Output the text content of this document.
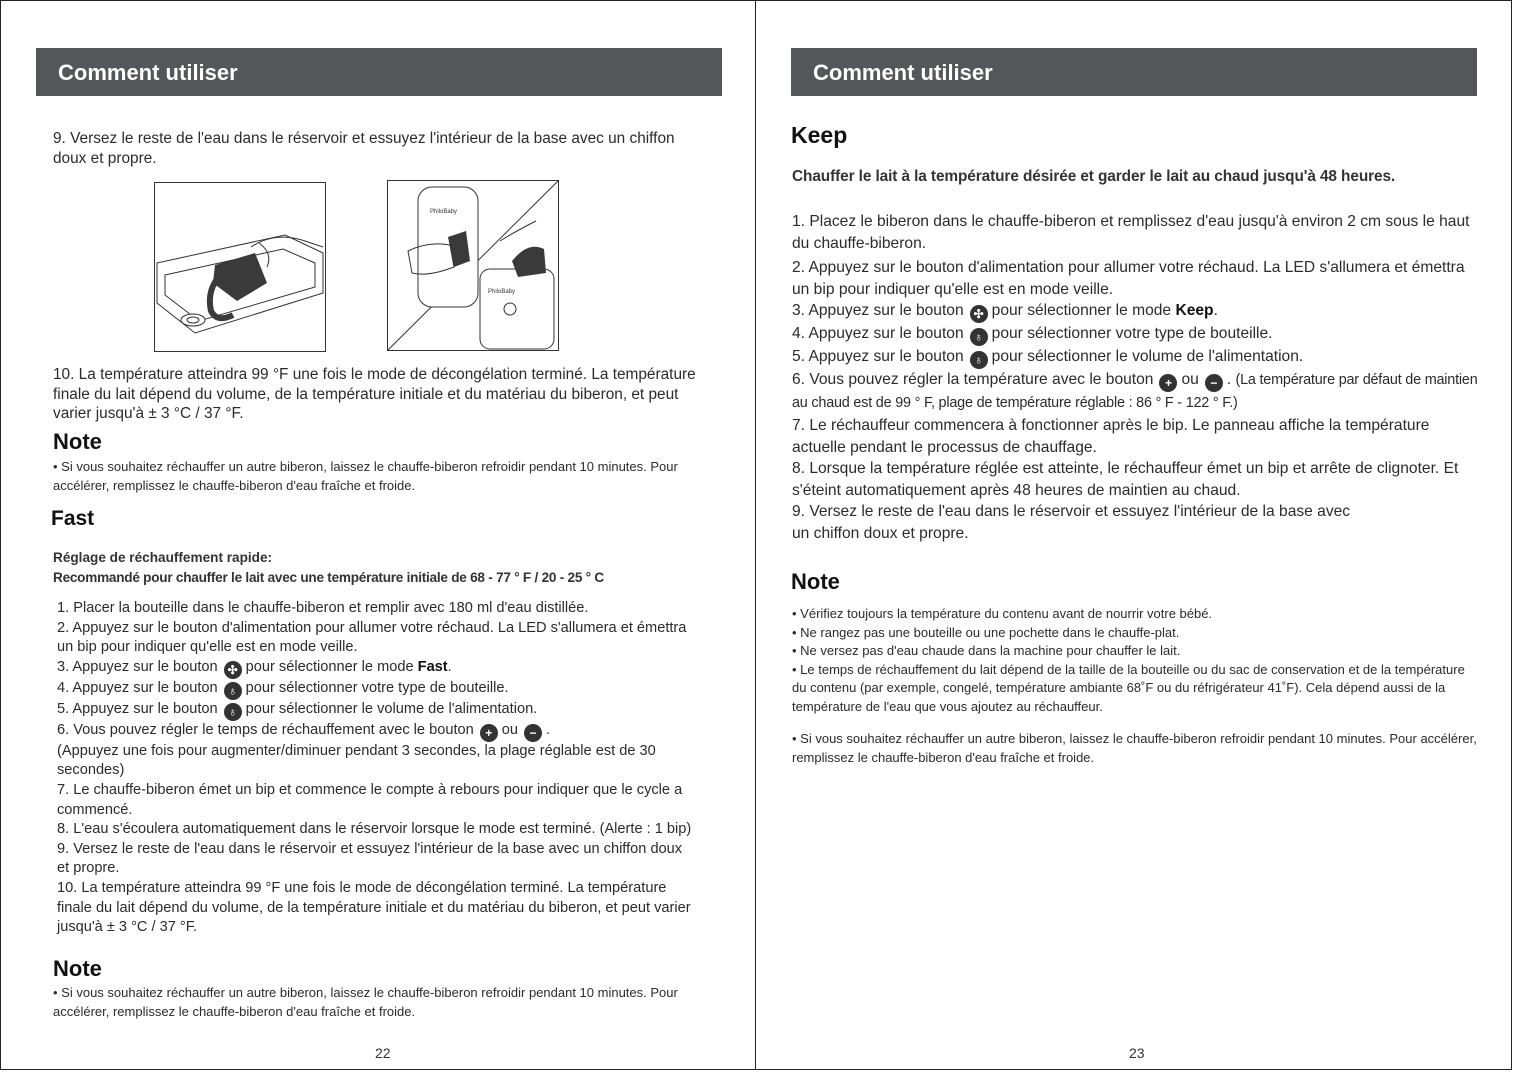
Comment utiliser

9. Versez le reste de l'eau dans le réservoir et essuyez l'intérieur de la base avec un chiffon doux et propre.

PhiloBaby
PhiloBaby

10. La température atteindra 99 °F une fois le mode de décongélation terminé. La température finale du lait dépend du volume, de la température initiale et du matériau du biberon, et peut varier jusqu'à ± 3 °C / 37 °F.

Note

• Si vous souhaitez réchauffer un autre biberon, laissez le chauffe-biberon refroidir pendant 10 minutes. Pour accélérer, remplissez le chauffe-biberon d'eau fraîche et froide.

Fast

Réglage de réchauffement rapide:

Recommandé pour chauffer le lait avec une température initiale de 68 - 77 ° F / 20 - 25 ° C

1. Placer la bouteille dans le chauffe-biberon et remplir avec 180 ml d'eau distillée.
2. Appuyez sur le bouton d'alimentation pour allumer votre réchaud. La LED s'allumera et émettra un bip pour indiquer qu'elle est en mode veille.
3. Appuyez sur le bouton ✣ pour sélectionner le mode Fast.
4. Appuyez sur le bouton ♁ pour sélectionner votre type de bouteille.
5. Appuyez sur le bouton ♁ pour sélectionner le volume de l'alimentation.
6. Vous pouvez régler le temps de réchauffement avec le bouton + ou − .
(Appuyez une fois pour augmenter/diminuer pendant 3 secondes, la plage réglable est de 30 secondes)
7. Le chauffe-biberon émet un bip et commence le compte à rebours pour indiquer que le cycle a commencé.
8. L'eau s'écoulera automatiquement dans le réservoir lorsque le mode est terminé. (Alerte : 1 bip)
9. Versez le reste de l'eau dans le réservoir et essuyez l'intérieur de la base avec un chiffon doux et propre.
10. La température atteindra 99 °F une fois le mode de décongélation terminé. La température finale du lait dépend du volume, de la température initiale et du matériau du biberon, et peut varier jusqu'à ± 3 °C / 37 °F.
Note

• Si vous souhaitez réchauffer un autre biberon, laissez le chauffe-biberon refroidir pendant 10 minutes. Pour accélérer, remplissez le chauffe-biberon d'eau fraîche et froide.

22
Comment utiliser
Keep

Chauffer le lait à la température désirée et garder le lait au chaud jusqu'à 48 heures.

1. Placez le biberon dans le chauffe-biberon et remplissez d'eau jusqu'à environ 2 cm sous le haut du chauffe-biberon.
2. Appuyez sur le bouton d'alimentation pour allumer votre réchaud. La LED s'allumera et émettra un bip pour indiquer qu'elle est en mode veille.
3. Appuyez sur le bouton ✣ pour sélectionner le mode Keep.
4. Appuyez sur le bouton ♁ pour sélectionner votre type de bouteille.
5. Appuyez sur le bouton ♁ pour sélectionner le volume de l'alimentation.
6. Vous pouvez régler la température avec le bouton + ou − . (La température par défaut de maintien au chaud est de 99 ° F, plage de température réglable : 86 ° F - 122 ° F.)
7. Le réchauffeur commencera à fonctionner après le bip. Le panneau affiche la température actuelle pendant le processus de chauffage.
8. Lorsque la température réglée est atteinte, le réchauffeur émet un bip et arrête de clignoter. Et s'éteint automatiquement après 48 heures de maintien au chaud.
9. Versez le reste de l'eau dans le réservoir et essuyez l'intérieur de la base avec un chiffon doux et propre.
Note
• Vérifiez toujours la température du contenu avant de nourrir votre bébé.
• Ne rangez pas une bouteille ou une pochette dans le chauffe-plat.
• Ne versez pas d'eau chaude dans la machine pour chauffer le lait.
• Le temps de réchauffement du lait dépend de la taille de la bouteille ou du sac de conservation et de la température du contenu (par exemple, congelé, température ambiante 68˚F ou du réfrigérateur 41˚F). Cela dépend aussi de la température de l'eau que vous ajoutez au réchauffeur.
• Si vous souhaitez réchauffer un autre biberon, laissez le chauffe-biberon refroidir pendant 10 minutes. Pour accélérer, remplissez le chauffe-biberon d'eau fraîche et froide.
23
